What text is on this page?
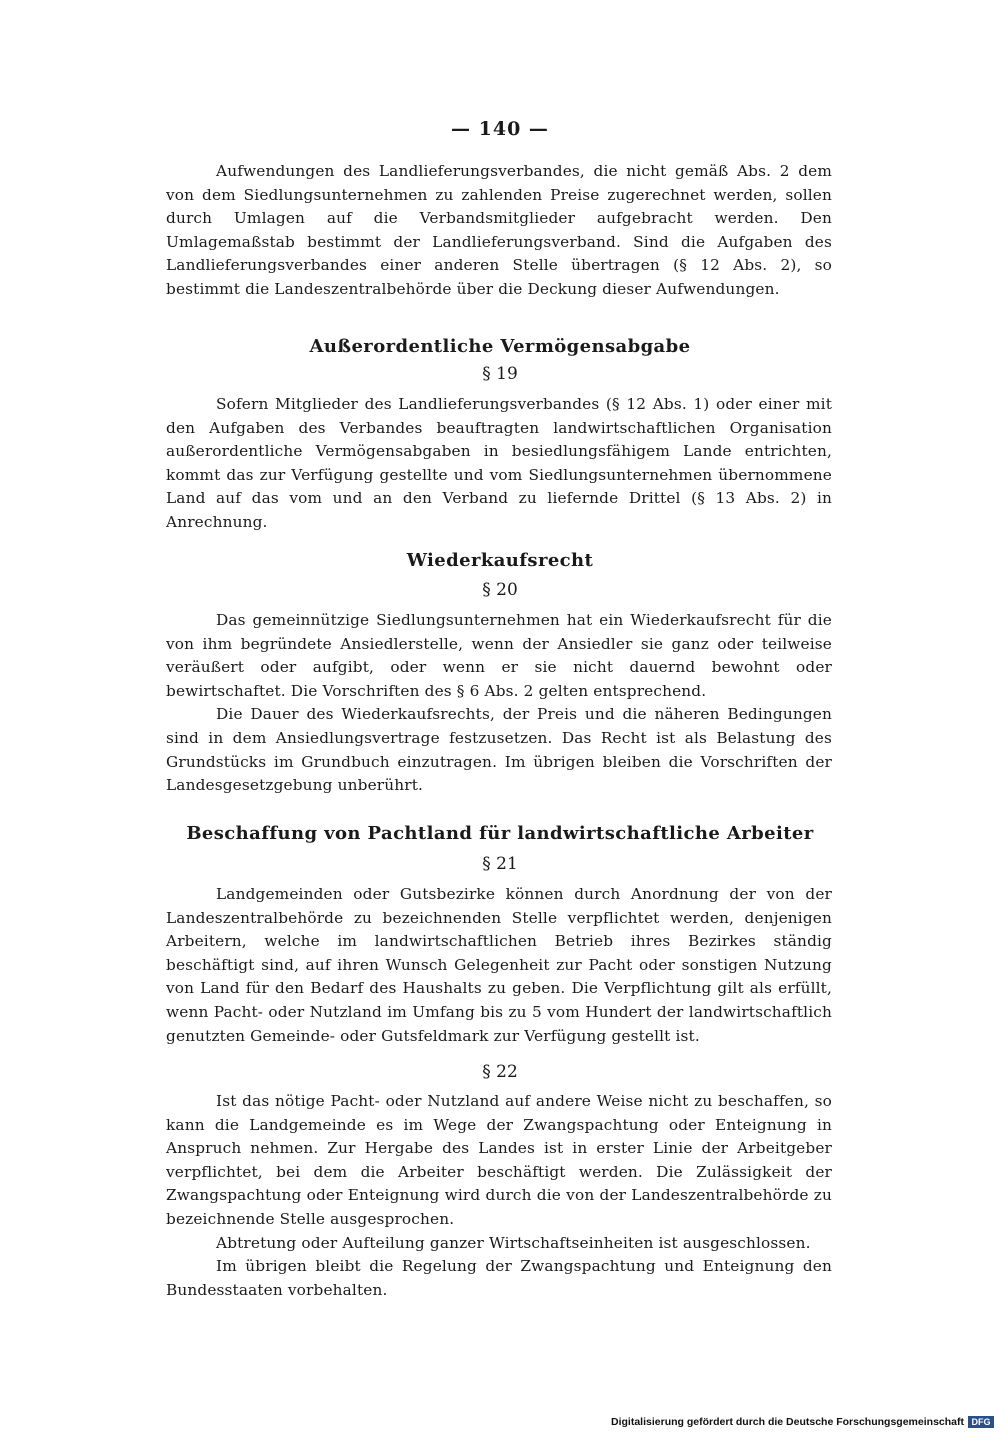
— 140 —

Aufwendungen des Landlieferungsverbandes, die nicht gemäß Abs. 2 dem von dem Siedlungsunternehmen zu zahlenden Preise zugerechnet werden, sollen durch Umlagen auf die Verbandsmitglieder aufgebracht werden. Den Umlagemaßstab bestimmt der Landlieferungsverband. Sind die Aufgaben des Landlieferungsverbandes einer anderen Stelle übertragen (§ 12 Abs. 2), so bestimmt die Landeszentralbehörde über die Deckung dieser Aufwendungen.

Außerordentliche Vermögensabgabe
§ 19

Sofern Mitglieder des Landlieferungsverbandes (§ 12 Abs. 1) oder einer mit den Aufgaben des Verbandes beauftragten landwirtschaftlichen Organisation außerordentliche Vermögensabgaben in besiedlungsfähigem Lande entrichten, kommt das zur Verfügung gestellte und vom Siedlungsunternehmen übernommene Land auf das vom und an den Verband zu liefernde Drittel (§ 13 Abs. 2) in Anrechnung.

Wiederkaufsrecht
§ 20

Das gemeinnützige Siedlungsunternehmen hat ein Wiederkaufsrecht für die von ihm begründete Ansiedlerstelle, wenn der Ansiedler sie ganz oder teilweise veräußert oder aufgibt, oder wenn er sie nicht dauernd bewohnt oder bewirtschaftet. Die Vorschriften des § 6 Abs. 2 gelten entsprechend.

Die Dauer des Wiederkaufsrechts, der Preis und die näheren Bedingungen sind in dem Ansiedlungsvertrage festzusetzen. Das Recht ist als Belastung des Grundstücks im Grundbuch einzutragen. Im übrigen bleiben die Vorschriften der Landesgesetzgebung unberührt.

Beschaffung von Pachtland für landwirtschaftliche Arbeiter
§ 21

Landgemeinden oder Gutsbezirke können durch Anordnung der von der Landeszentralbehörde zu bezeichnenden Stelle verpflichtet werden, denjenigen Arbeitern, welche im landwirtschaftlichen Betrieb ihres Bezirkes ständig beschäftigt sind, auf ihren Wunsch Gelegenheit zur Pacht oder sonstigen Nutzung von Land für den Bedarf des Haushalts zu geben. Die Verpflichtung gilt als erfüllt, wenn Pacht- oder Nutzland im Umfang bis zu 5 vom Hundert der landwirtschaftlich genutzten Gemeinde- oder Gutsfeldmark zur Verfügung gestellt ist.

§ 22

Ist das nötige Pacht- oder Nutzland auf andere Weise nicht zu beschaffen, so kann die Landgemeinde es im Wege der Zwangspachtung oder Enteignung in Anspruch nehmen. Zur Hergabe des Landes ist in erster Linie der Arbeitgeber verpflichtet, bei dem die Arbeiter beschäftigt werden. Die Zulässigkeit der Zwangspachtung oder Enteignung wird durch die von der Landeszentralbehörde zu bezeichnende Stelle ausgesprochen.

Abtretung oder Aufteilung ganzer Wirtschaftseinheiten ist ausgeschlossen.

Im übrigen bleibt die Regelung der Zwangspachtung und Enteignung den Bundesstaaten vorbehalten.

Digitalisierung gefördert durch die Deutsche Forschungsgemeinschaft DFG
